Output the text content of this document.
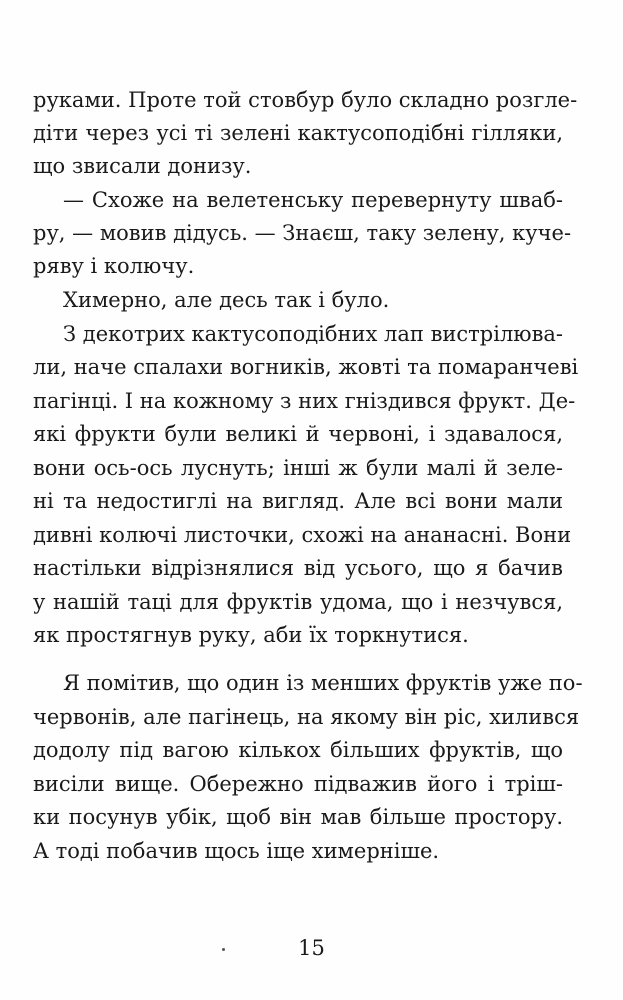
руками. Проте той стовбур було складно розгле-
діти через усі ті зелені кактусоподібні гілляки,
що звисали донизу.
— Схоже на велетенську перевернуту шваб-
ру, — мовив дідусь. — Знаєш, таку зелену, куче-
ряву і колючу.
Химерно, але десь так і було.
З декотрих кактусоподібних лап вистрілюва-
ли, наче спалахи вогників, жовті та помаранчеві
пагінці. І на кожному з них гніздився фрукт. Де-
які фрукти були великі й червоні, і здавалося,
вони ось-ось луснуть; інші ж були малі й зеле-
ні та недостиглі на вигляд. Але всі вони мали
дивні колючі листочки, схожі на ананасні. Вони
настільки відрізнялися від усього, що я бачив
у нашій таці для фруктів удома, що і незчувся,
як простягнув руку, аби їх торкнутися.
Я помітив, що один із менших фруктів уже по-
червонів, але пагінець, на якому він ріс, хилився
додолу під вагою кількох більших фруктів, що
висіли вище. Обережно підважив його і тріш-
ки посунув убік, щоб він мав більше простору.
А тоді побачив щось іще химерніше.
15
